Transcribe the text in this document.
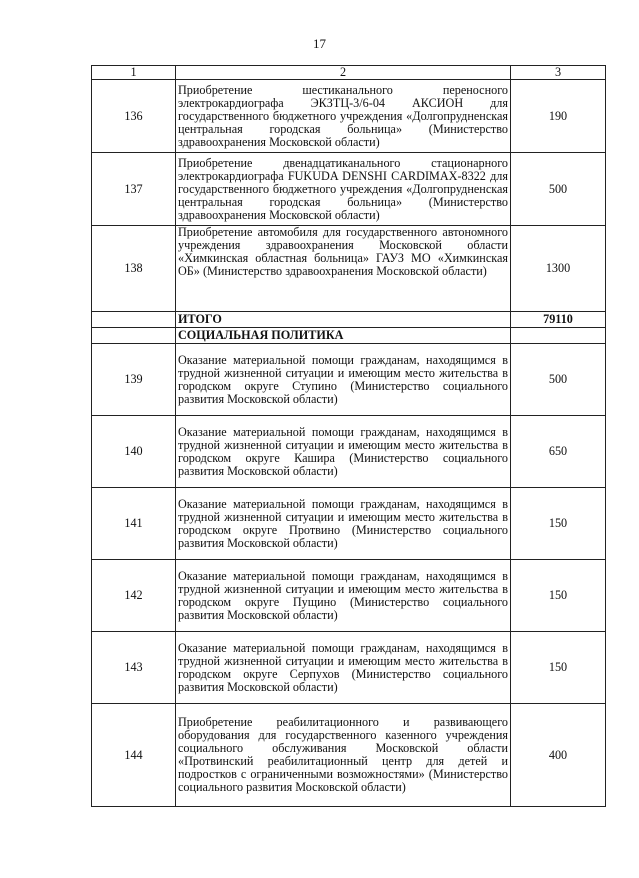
17
1	2	3
136	Приобретение шестиканального переносного электрокардиографа ЭКЗТЦ-3/6-04 АКСИОН для государственного бюджетного учреждения «Долгопрудненская центральная городская больница» (Министерство здравоохранения Московской области)	190
137	Приобретение двенадцатиканального стационарного электрокардиографа FUKUDA DENSHI CARDIMAX-8322 для государственного бюджетного учреждения «Долгопрудненская центральная городская больница» (Министерство здравоохранения Московской области)	500
138	Приобретение автомобиля для государственного автономного учреждения здравоохранения Московской области «Химкинская областная больница» ГАУЗ МО «Химкинская ОБ» (Министерство здравоохранения Московской области)	1300
	ИТОГО	79110
	СОЦИАЛЬНАЯ ПОЛИТИКА	
139	Оказание материальной помощи гражданам, находящимся в трудной жизненной ситуации и имеющим место жительства в городском округе Ступино (Министерство социального развития Московской области)	500
140	Оказание материальной помощи гражданам, находящимся в трудной жизненной ситуации и имеющим место жительства в городском округе Кашира (Министерство социального развития Московской области)	650
141	Оказание материальной помощи гражданам, находящимся в трудной жизненной ситуации и имеющим место жительства в городском округе Протвино (Министерство социального развития Московской области)	150
142	Оказание материальной помощи гражданам, находящимся в трудной жизненной ситуации и имеющим место жительства в городском округе Пущино (Министерство социального развития Московской области)	150
143	Оказание материальной помощи гражданам, находящимся в трудной жизненной ситуации и имеющим место жительства в городском округе Серпухов (Министерство социального развития Московской области)	150
144	Приобретение реабилитационного и развивающего оборудования для государственного казенного учреждения социального обслуживания Московской области «Протвинский реабилитационный центр для детей и подростков с ограниченными возможностями» (Министерство социального развития Московской области)	400
